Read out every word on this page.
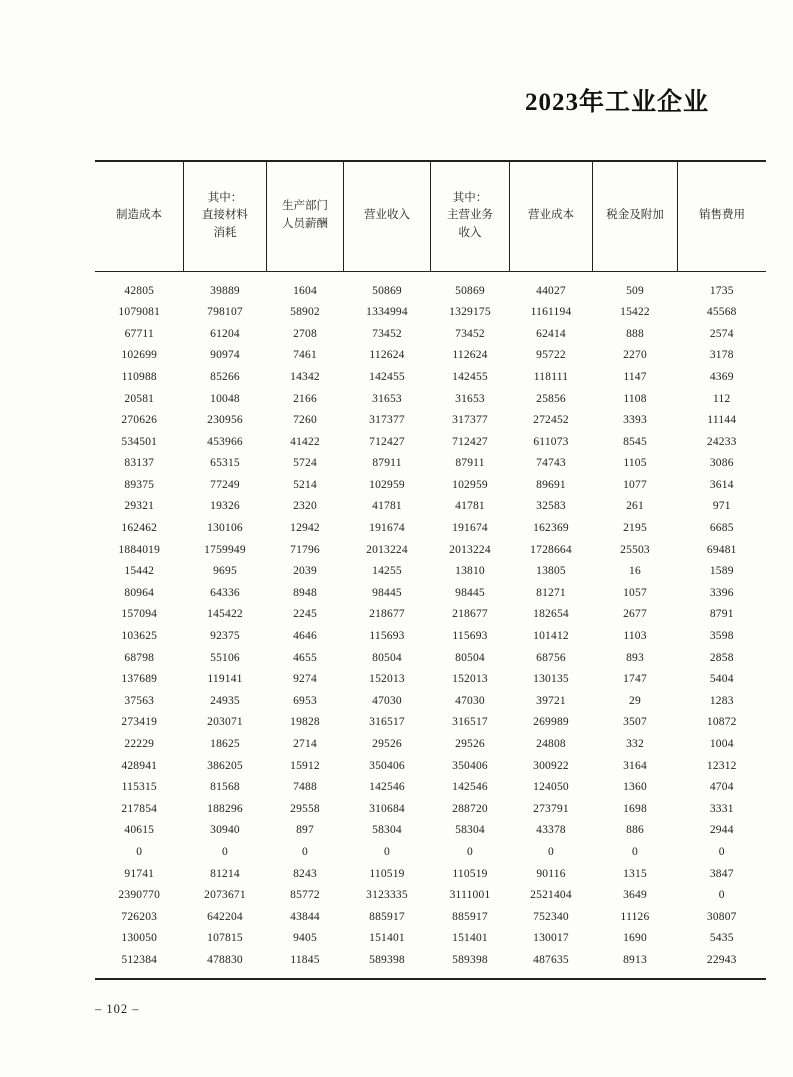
2023年工业企业
制造成本	其中：
直接材料
消耗	生产部门
人员薪酬	营业收入	其中：
主营业务
收入	营业成本	税金及附加	销售费用
42805	39889	1604	50869	50869	44027	509	1735
1079081	798107	58902	1334994	1329175	1161194	15422	45568
67711	61204	2708	73452	73452	62414	888	2574
102699	90974	7461	112624	112624	95722	2270	3178
110988	85266	14342	142455	142455	118111	1147	4369
20581	10048	2166	31653	31653	25856	1108	112
270626	230956	7260	317377	317377	272452	3393	11144
534501	453966	41422	712427	712427	611073	8545	24233
83137	65315	5724	87911	87911	74743	1105	3086
89375	77249	5214	102959	102959	89691	1077	3614
29321	19326	2320	41781	41781	32583	261	971
162462	130106	12942	191674	191674	162369	2195	6685
1884019	1759949	71796	2013224	2013224	1728664	25503	69481
15442	9695	2039	14255	13810	13805	16	1589
80964	64336	8948	98445	98445	81271	1057	3396
157094	145422	2245	218677	218677	182654	2677	8791
103625	92375	4646	115693	115693	101412	1103	3598
68798	55106	4655	80504	80504	68756	893	2858
137689	119141	9274	152013	152013	130135	1747	5404
37563	24935	6953	47030	47030	39721	29	1283
273419	203071	19828	316517	316517	269989	3507	10872
22229	18625	2714	29526	29526	24808	332	1004
428941	386205	15912	350406	350406	300922	3164	12312
115315	81568	7488	142546	142546	124050	1360	4704
217854	188296	29558	310684	288720	273791	1698	3331
40615	30940	897	58304	58304	43378	886	2944
0	0	0	0	0	0	0	0
91741	81214	8243	110519	110519	90116	1315	3847
2390770	2073671	85772	3123335	3111001	2521404	3649	0
726203	642204	43844	885917	885917	752340	11126	30807
130050	107815	9405	151401	151401	130017	1690	5435
512384	478830	11845	589398	589398	487635	8913	22943
– 102 –
